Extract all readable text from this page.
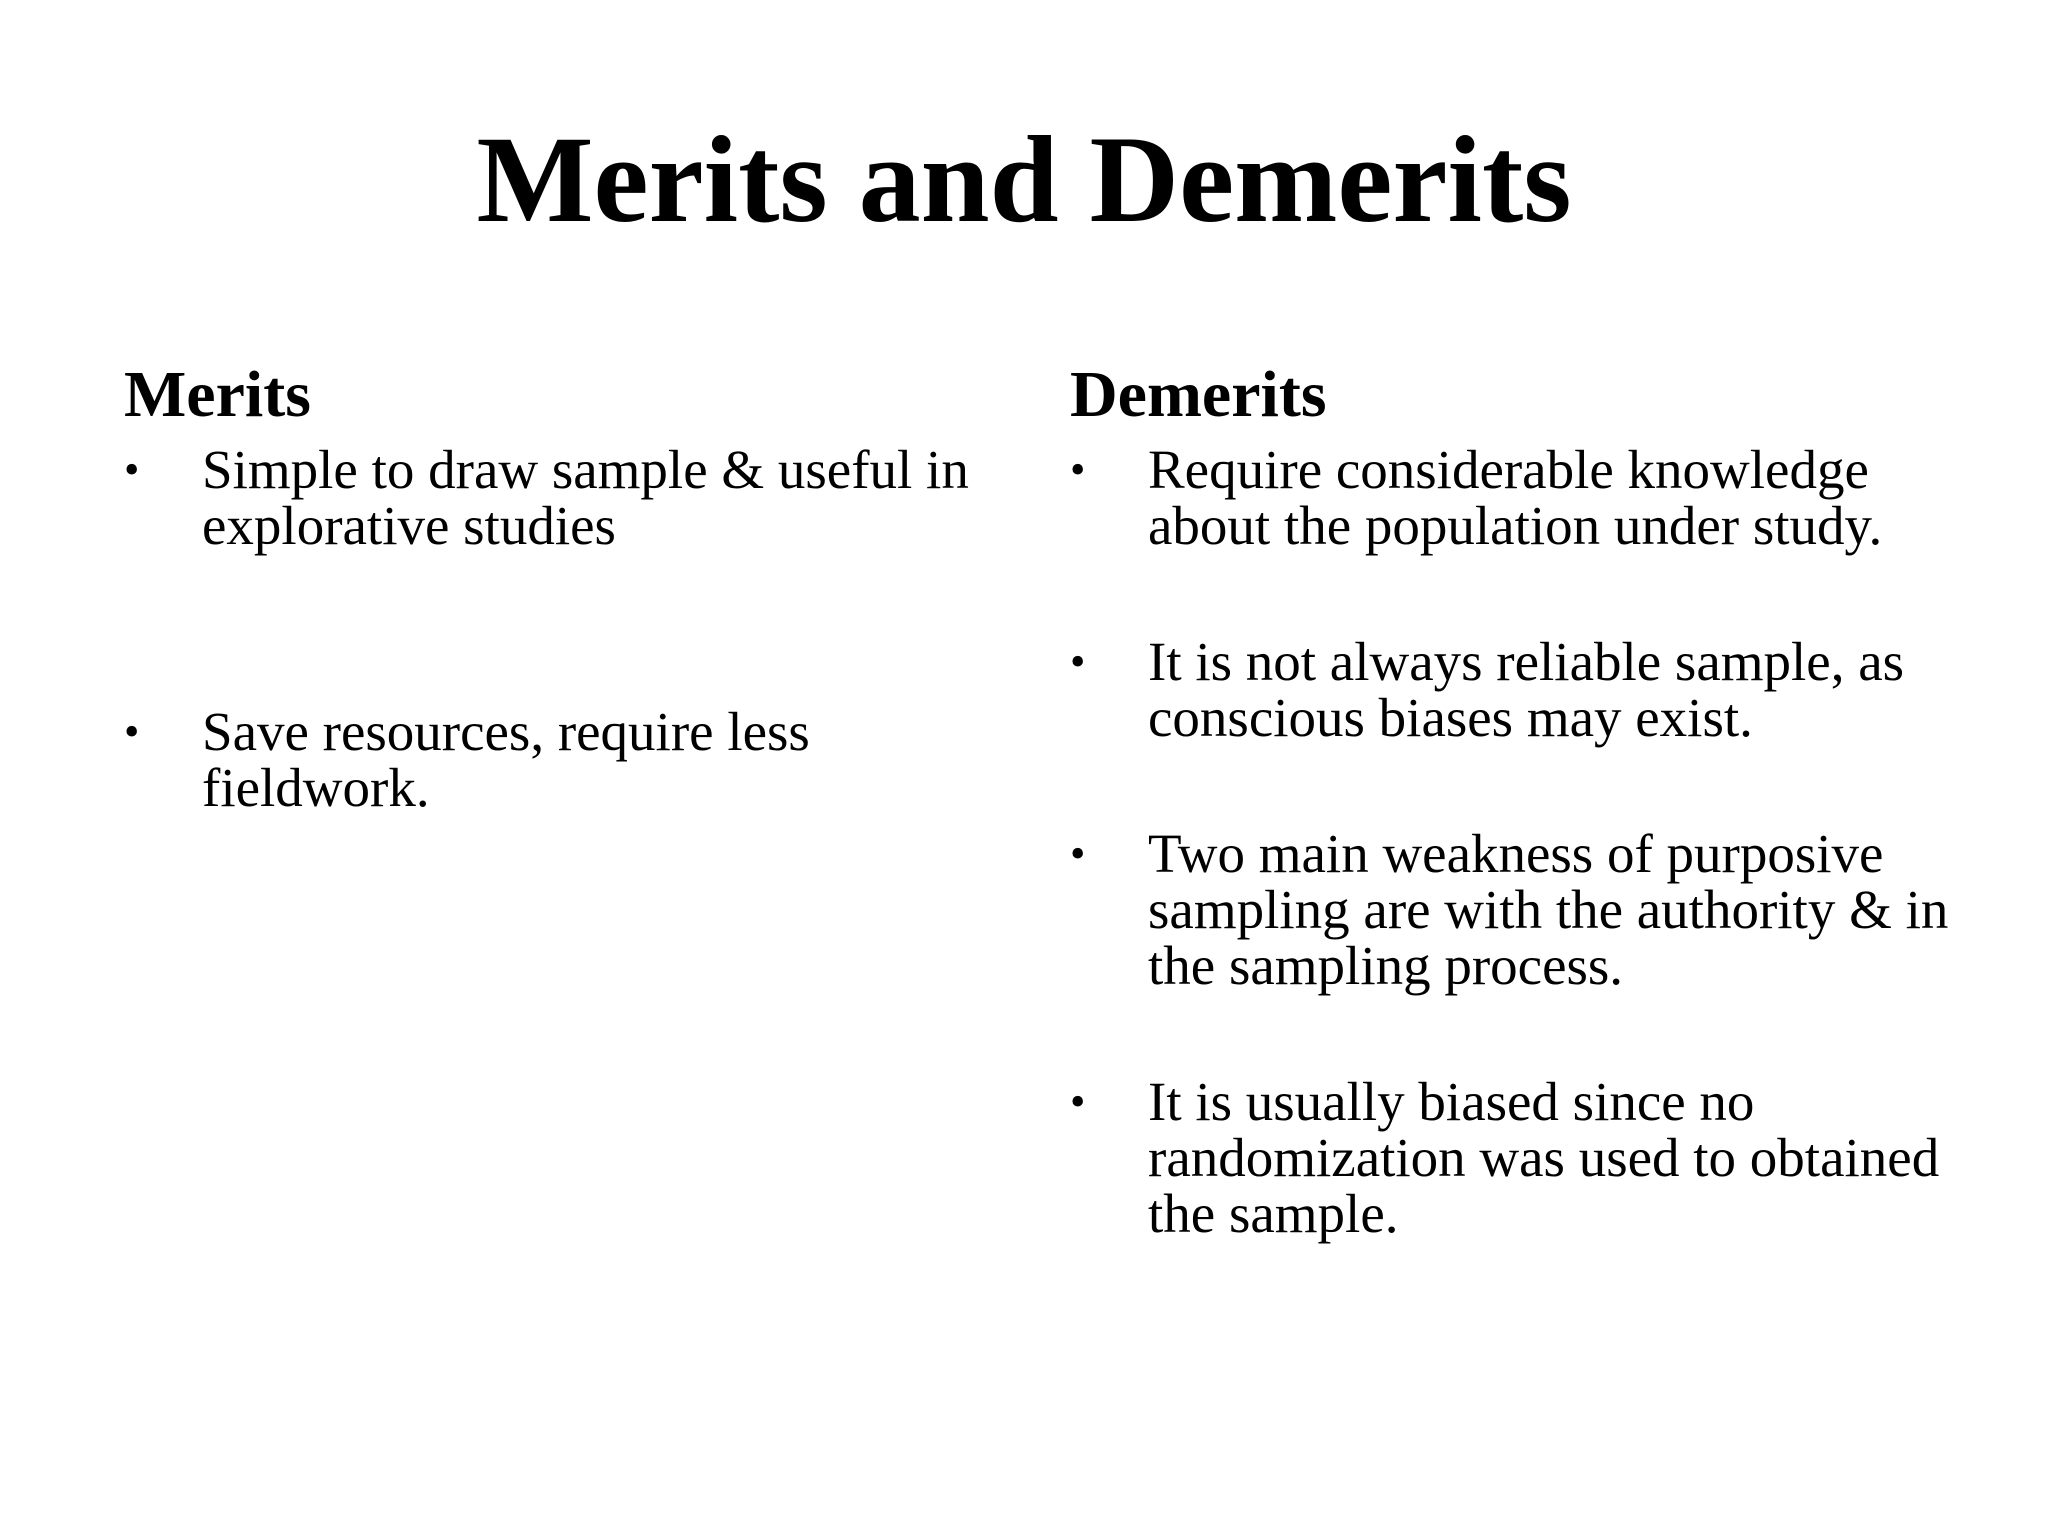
Merits and Demerits
Merits
• Simple to draw sample & useful in explorative studies
• Save resources, require less fieldwork.
Demerits
• Require considerable knowledge about the population under study.
• It is not always reliable sample, as conscious biases may exist.
• Two main weakness of purposive sampling are with the authority & in the sampling process.
• It is usually biased since no randomization was used to obtained the sample.
